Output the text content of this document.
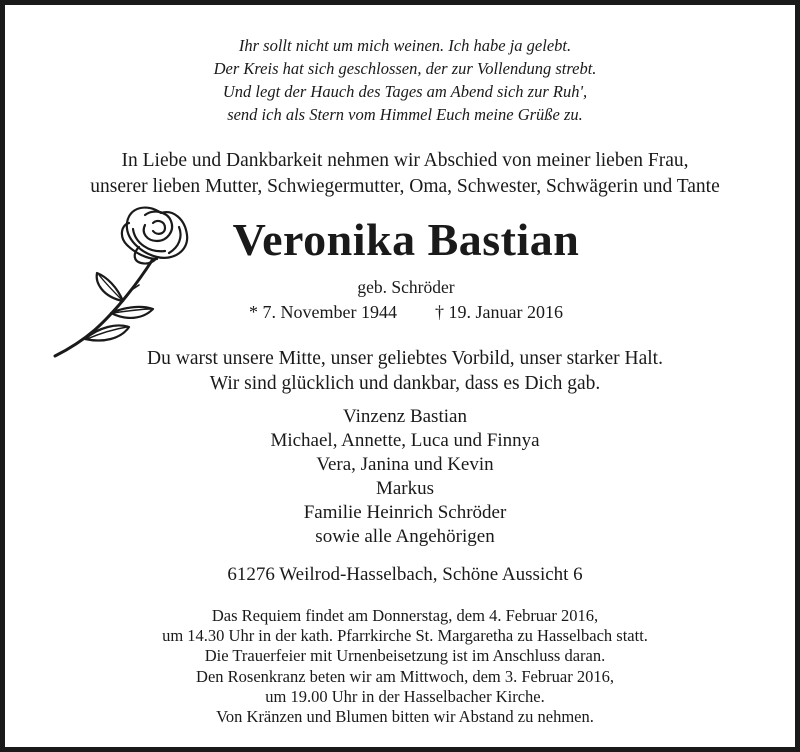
Ihr sollt nicht um mich weinen. Ich habe ja gelebt.
Der Kreis hat sich geschlossen, der zur Vollendung strebt.
Und legt der Hauch des Tages am Abend sich zur Ruh',
send ich als Stern vom Himmel Euch meine Grüße zu.
In Liebe und Dankbarkeit nehmen wir Abschied von meiner lieben Frau,
unserer lieben Mutter, Schwiegermutter, Oma, Schwester, Schwägerin und Tante
Veronika Bastian
geb. Schröder
* 7. November 1944 † 19. Januar 2016
Du warst unsere Mitte, unser geliebtes Vorbild, unser starker Halt.
Wir sind glücklich und dankbar, dass es Dich gab.
Vinzenz Bastian
Michael, Annette, Luca und Finnya
Vera, Janina und Kevin
Markus
Familie Heinrich Schröder
sowie alle Angehörigen
61276 Weilrod-Hasselbach, Schöne Aussicht 6
Das Requiem findet am Donnerstag, dem 4. Februar 2016,
um 14.30 Uhr in der kath. Pfarrkirche St. Margaretha zu Hasselbach statt.
Die Trauerfeier mit Urnenbeisetzung ist im Anschluss daran.
Den Rosenkranz beten wir am Mittwoch, dem 3. Februar 2016,
um 19.00 Uhr in der Hasselbacher Kirche.
Von Kränzen und Blumen bitten wir Abstand zu nehmen.
